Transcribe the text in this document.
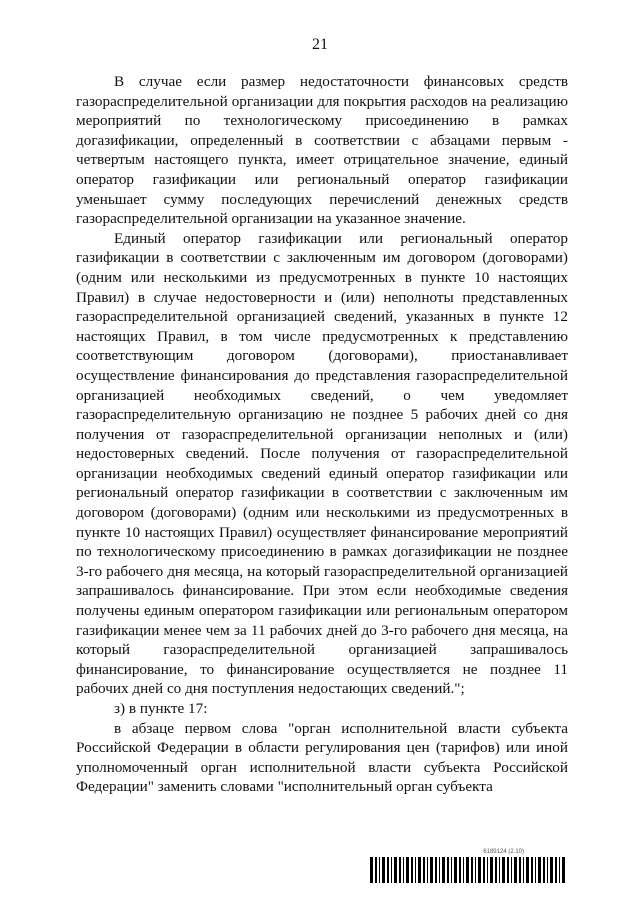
21

В случае если размер недостаточности финансовых средств газораспределительной организации для покрытия расходов на реализацию мероприятий по технологическому присоединению в рамках догазификации, определенный в соответствии с абзацами первым - четвертым настоящего пункта, имеет отрицательное значение, единый оператор газификации или региональный оператор газификации уменьшает сумму последующих перечислений денежных средств газораспределительной организации на указанное значение.

Единый оператор газификации или региональный оператор газификации в соответствии с заключенным им договором (договорами) (одним или несколькими из предусмотренных в пункте 10 настоящих Правил) в случае недостоверности и (или) неполноты представленных газораспределительной организацией сведений, указанных в пункте 12 настоящих Правил, в том числе предусмотренных к представлению соответствующим договором (договорами), приостанавливает осуществление финансирования до представления газораспределительной организацией необходимых сведений, о чем уведомляет газораспределительную организацию не позднее 5 рабочих дней со дня получения от газораспределительной организации неполных и (или) недостоверных сведений. После получения от газораспределительной организации необходимых сведений единый оператор газификации или региональный оператор газификации в соответствии с заключенным им договором (договорами) (одним или несколькими из предусмотренных в пункте 10 настоящих Правил) осуществляет финансирование мероприятий по технологическому присоединению в рамках догазификации не позднее 3-го рабочего дня месяца, на который газораспределительной организацией запрашивалось финансирование. При этом если необходимые сведения получены единым оператором газификации или региональным оператором газификации менее чем за 11 рабочих дней до 3-го рабочего дня месяца, на который газораспределительной организацией запрашивалось финансирование, то финансирование осуществляется не позднее 11 рабочих дней со дня поступления недостающих сведений.";

з) в пункте 17:

в абзаце первом слова "орган исполнительной власти субъекта Российской Федерации в области регулирования цен (тарифов) или иной уполномоченный орган исполнительной власти субъекта Российской Федерации" заменить словами "исполнительный орган субъекта

6189124 (2.10)
